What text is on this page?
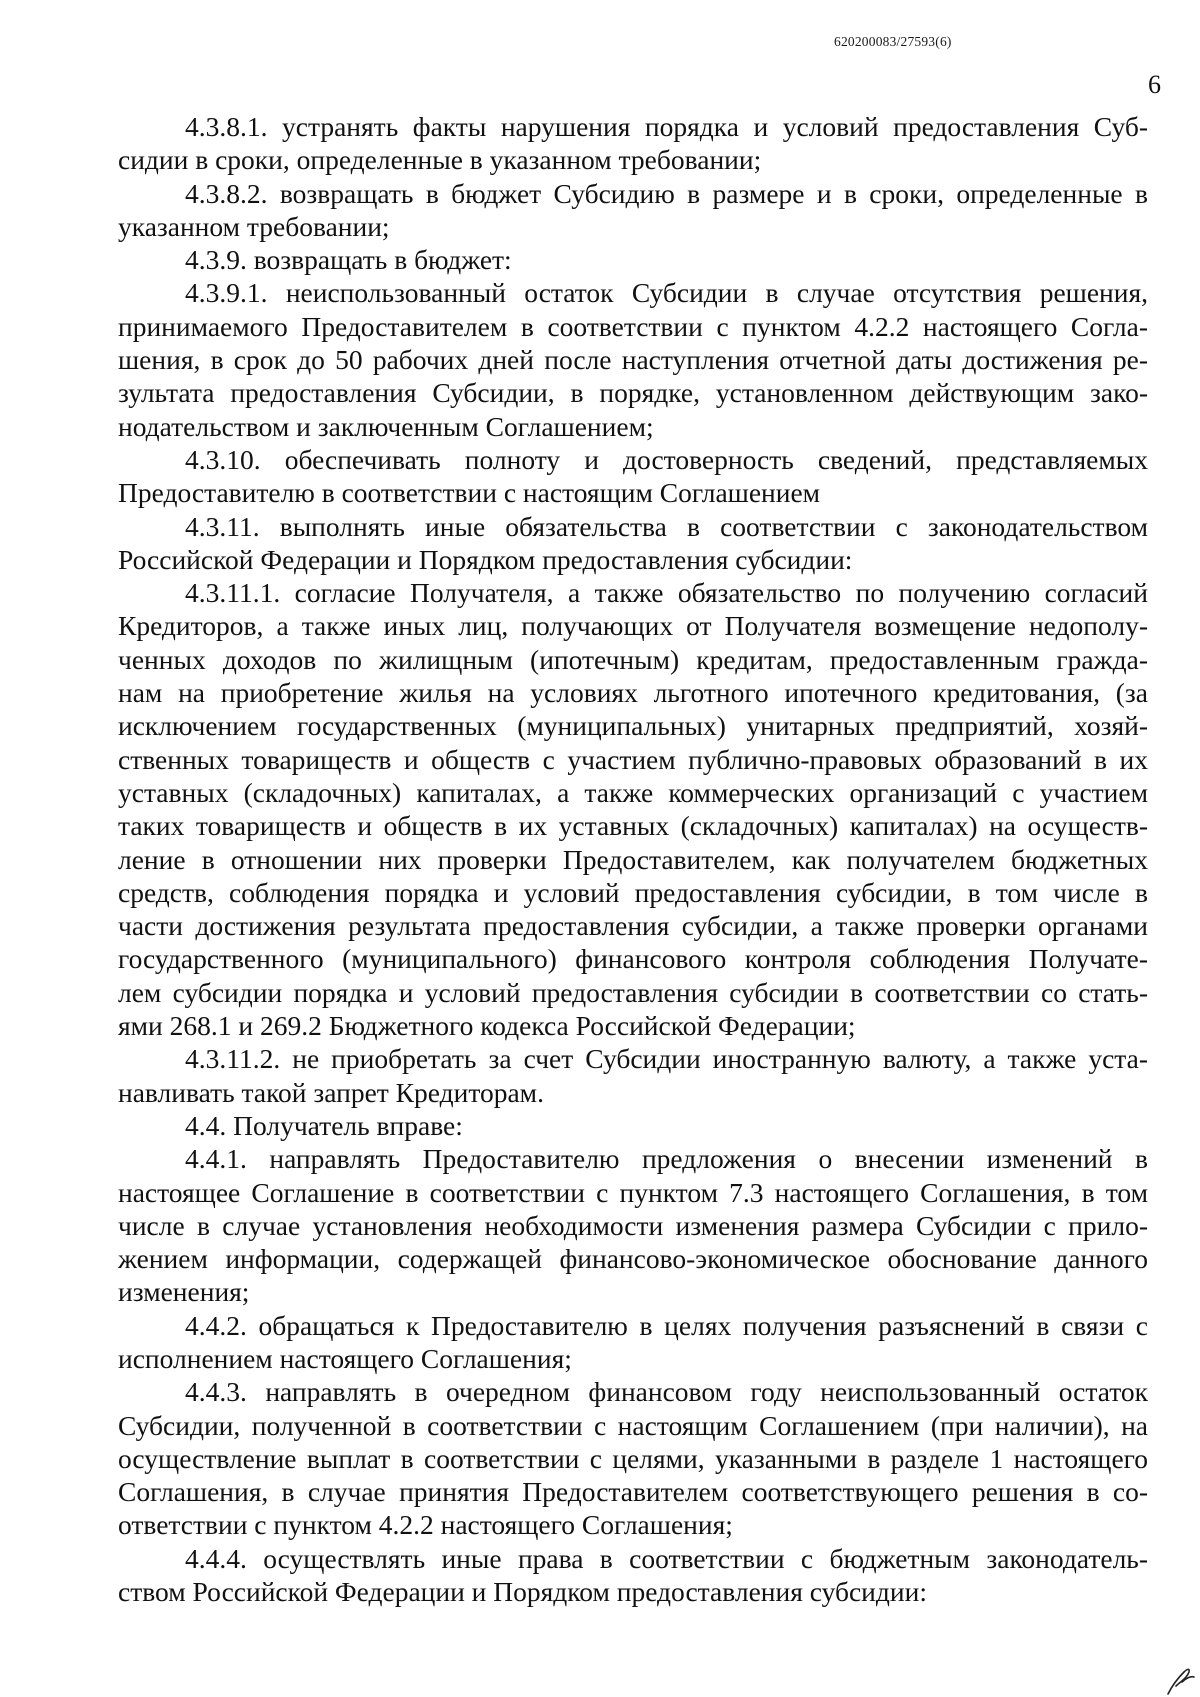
620200083/27593(6)
6
4.3.8.1. устранять факты нарушения порядка и условий предоставления Суб-
сидии в сроки, определенные в указанном требовании;
4.3.8.2. возвращать в бюджет Субсидию в размере и в сроки, определенные в
указанном требовании;
4.3.9. возвращать в бюджет:
4.3.9.1. неиспользованный остаток Субсидии в случае отсутствия решения,
принимаемого Предоставителем в соответствии с пунктом 4.2.2 настоящего Согла-
шения, в срок до 50 рабочих дней после наступления отчетной даты достижения ре-
зультата предоставления Субсидии, в порядке, установленном действующим зако-
нодательством и заключенным Соглашением;
4.3.10. обеспечивать полноту и достоверность сведений, представляемых
Предоставителю в соответствии с настоящим Соглашением
4.3.11. выполнять иные обязательства в соответствии с законодательством
Российской Федерации и Порядком предоставления субсидии:
4.3.11.1. согласие Получателя, а также обязательство по получению согласий
Кредиторов, а также иных лиц, получающих от Получателя возмещение недополу-
ченных доходов по жилищным (ипотечным) кредитам, предоставленным гражда-
нам на приобретение жилья на условиях льготного ипотечного кредитования, (за
исключением государственных (муниципальных) унитарных предприятий, хозяй-
ственных товариществ и обществ с участием публично-правовых образований в их
уставных (складочных) капиталах, а также коммерческих организаций с участием
таких товариществ и обществ в их уставных (складочных) капиталах) на осуществ-
ление в отношении них проверки Предоставителем, как получателем бюджетных
средств, соблюдения порядка и условий предоставления субсидии, в том числе в
части достижения результата предоставления субсидии, а также проверки органами
государственного (муниципального) финансового контроля соблюдения Получате-
лем субсидии порядка и условий предоставления субсидии в соответствии со стать-
ями 268.1 и 269.2 Бюджетного кодекса Российской Федерации;
4.3.11.2. не приобретать за счет Субсидии иностранную валюту, а также уста-
навливать такой запрет Кредиторам.
4.4. Получатель вправе:
4.4.1. направлять Предоставителю предложения о внесении изменений в
настоящее Соглашение в соответствии с пунктом 7.3 настоящего Соглашения, в том
числе в случае установления необходимости изменения размера Субсидии с прило-
жением информации, содержащей финансово-экономическое обоснование данного
изменения;
4.4.2. обращаться к Предоставителю в целях получения разъяснений в связи с
исполнением настоящего Соглашения;
4.4.3. направлять в очередном финансовом году неиспользованный остаток
Субсидии, полученной в соответствии с настоящим Соглашением (при наличии), на
осуществление выплат в соответствии с целями, указанными в разделе 1 настоящего
Соглашения, в случае принятия Предоставителем соответствующего решения в со-
ответствии с пунктом 4.2.2 настоящего Соглашения;
4.4.4. осуществлять иные права в соответствии с бюджетным законодатель-
ством Российской Федерации и Порядком предоставления субсидии:
